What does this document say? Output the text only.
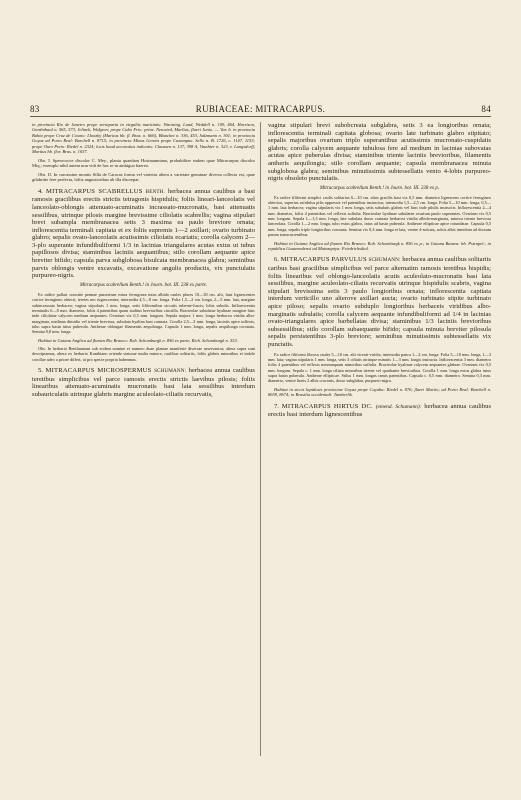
83	RUBIACEAE: MITRACARPUS.	84

in provincia Rio de Janeiro prope sertuparia in virgultis maritimis: Warming, Lund, Weddell n. 109, 464, Harrison, Gardinhaul n. 565, 573, Jelinek, Widgren; prope Cabo Frio: prine. Neuwied, Marlius, flaeri Junio. — Var. b. in provincia Bahia prope Cruz de Cosmo: Lhotzky (Martius hb. fl. Bras. n. 666), Blanchet n. 336, 453, Salzmann n. 301; in provincia Goyaz ad Porto Real: Burchell n. 8715; in provincia Minas Geraës prope Caxampus: Sello n. B. 1726, c. 1147, 1153; prope Ouro Preto: Riedel n. 2324; locis haud accuratius indicatis: Claussen n. 137, 398 A, Vauthier n. 323, v. Langsdorff, Martius hb. flor. Bras. n. 1037.

Obs. I. Sperocucce discolor C. Mey., planta quaedam Hostmanniana, probabiliter eadem quae Mitracarpus discolor Miq.; exemplo nihil autem non vidi de hac re in ambiguo haereo.

Obs. II. In carcassine montis Silla de Caracas forma vel varietas altera a varietate genuinae diversa collecta est, quae gilabritie fere perfecta, foliis angustioribus ab illa discrepat.

4. MITRACARPUS SCABRELLUS BENTH. herbacea annua caulibus a basi ramosis gracilibus erectis strictis tetragonis hispidulis; foliis lineari-lanceolatis vel lanceolato-oblongis attenuato-acuminatis incrassato-mucronatis, basi attenuatis sessilibus, utrinque pilosis margine brevissime ciliolatis scabrellis; vagina stipulari brevi subampla membranacea setis 3 maxima ea paulo breviore ornata; inflorescentia terminali capitata et ex foliis supremis 1—2 axillari; ovario turbinato glabro; sepalis ovato-lanceolatis acutissimis ciliolatis ecariatis; corolla calycem 2—3-plo superante infundibuliformi 1/3 in lacinias triangulares acutas extus ut tubus papillosos divisa; staminibus laciniis aequantibus; stilo corollam aequante apice breviter bifido; capsula parva subglobosa bisulcata membranacea glabra; seminibus parvis oblongis ventre excavatis, excavatione angulis productis, vix punctulatis purpureo-nigris.

Mitracarpus scabrellum Benth.! in Journ. bot. III. 238 ex parte.

Ex radice pallari crassitie pennae passerinae exina ferruginea intus albida caules plures 10—30 cm. alti, basi lignescentes cortice ferrugineo obtecti, teretes nec nigrescentes; internodia 4,5—8 cm. longa. Folia 1,5—2 cm. longa, 2—5 mm. lata, margine subincrassata herbacea; vagina stipularis 1 mm. longa, setis filiformibus siccatis rubente-fuscis; lobis subulis. Inflorescentia terminalis 6—8 mm. diametro, foliis 4 patentibus quam auditus brevioribus cinctilla. Bracteolae subulatae hyalinae margine hinc inde ciliolatae calycem medium aequantes. Ovarium vix 0,5 mm. longum. Sepala majora 1 mm. longa herbacea viridia albo-marginata, mediana dimidio vel triente breviora, subulata hyalina basi connata. Corolla 2,5—3 mm. longa, laciniis apice inflexis, tubo supra basin intus puberula. Antherae oblongae filamentis aequilonga. Capsula 1 mm. longa, sepalis aequilonga coronata. Semina 0,8 mm. longa.

Habitat in Guiana Anglica ad flumen Rio Branco: Rob. Schomburgk n. 856 ex parte, Rich. Schomburgk n. 553.

Obs. In herbario Benthamiani sub eodem nomine et numero duae plantae manifeste diversae asservantur; altera supra sunt descriptamus, altera ex herbario Kunthiano orienda staturae multa minore, caulibus solitariis, foliis glabris minoribus et indole corollae adeo a priore differt, ut pro specie propria habeamus.

5. MITRACARPUS MICROSPERMUS SCHUMANN: herbacea annua caulibus teretibus simplicibus vel parce ramosis erectis strictis laevibus pilosis; foliis linearibus attenuato-acuminatis mucronatis basi lata sessilibus interdum subauriculatis utrinque glabris margine aculeolato-ciliatis recurvatis,

vagina stipulari brevi subobcreata subglabra, setis 3 ea longioribus ornata; inflorescentia terminali capitata globosa; ovario late turbinato glabro stipitato; sepalis majoribus ovarium triplo superantibus acutissimis mucronato-cuspidatis glabris; corolla calycem aequante tubulosa fere ad medium in lacinias subovatas acutas apice puberulas divisa; staminibus triente laciniis brevioribus, filamentis antheris aequilongis; stilo corollam aequante; capsula membranacea minuta subglobosa glabra; seminibus minutissimis subtessellatis vento 4-lobis purpureo-nigris obsoleto punctulatis.

Mitracarpus scabrellum Benth.! in Journ. bot. III. 238 ex p.

Ex radice filiformi simplici caulis solitarius 6—10 cm. altus gracilis basi vix 0,5 mm. diametro lignescens cortice ferrugineo obtectus, superius rufidulus pilis appressis vel patentibus instructus; internodia 1,5—2,5 cm. longa. Folia 5—10 mm. longa, 0,5—1 mm. lata herbacea; vagina stipularis vix 1 mm. longa, setis subulatis glabris vel hinc inde pilulis instructis. Inflorescentia 2—4 mm. diametro, foliis 4 patentibus vel reflexis suffulta. Bracteolae hyalinae subulatae ovarium paulo superantes. Ovarium vix 0,5 mm. longum. Sepala 1—1,3 mm. longa, late subulata dorso carinata herbacea viridia albido-marginata, minora triente breviora lanceolata. Corolla 1—2 mm. longa, tubo extus glabro, intus ad basin puberula. Antherae ellipticae apice rotundatae. Capsula 0,5 mm. longa, sepalis triplo longioribus coronata. Semina vix 0,4 mm. longa et lata, ventre 4-sulcata, sulcis albis interdum ad dorsum parum transcurrentibus.

Habitat in Guiana Anglica ad flumen Rio Branco: Rob. Schomburgk n. 856 ex p.; in Guiana Batava: hb. Pstrnpel.; in republica Guatemalensi ad Mainzapiya: Friedrichsthal.

6. MITRACARPUS PARVULUS SCHUMANN: herbacea annua caulibus solitariis caribus basi gracilibus simplicibus vel parce alternatim ramosis teretibus hispidis; foliis linearibus vel oblongo-lanceolatis acutis aculeolato-mucronatis basi lata sessilibus, margine aculeolato-ciliatis recurvatis utrinque hispidulis scabris, vagina stipulari brevissima setis 3 paulo longioribus ornata; inflorescentia capitata interdum verticillo uno alterove axillari aucta; ovario turbinato stipite turbinato apice piloso; sepalis ovario subduplo longioribus herbaceis viridibus albo-marginatis subulatis; corolla calycem aequante infundibuliformi ad 1/4 in lacinias ovato-triangulares apice barbellatas divisa; staminibus 1/3 laciniis brevioribus subsessilibus; stilo corollam subaequante bifido; capsula minuta breviter pilosula sepalis persistentibus 3-plo breviore; seminibus minutissimis subtessellatis vix punctatis.

Ex radice filiformi fibrosa caules 5—10 cm. alti virenti-viridis; internodia panca 1—2 cm. longa. Folia 5—10 mm. longa, 1—3 mm. lata; vagina stipularis 1 mm. longa, setis 3 ciliatis utrinque minutis 1—3 mm. longis instructa. Inflorescentia 3 mm. diametro foliis 4 patentibus vel reflexis nonnunquam minoribus suffulta. Bracteolae hyalinae calycem aequantes glabrae. Ovarium vix 0,5 mm. longum. Sepala c. 1 mm. longa ciliata minoribus triente vel quadrante brevioribus. Corolla 1 mm. longa extus glabra intus supra basin puberula. Antherae ellipticae. Stilus 1 mm. longus ramis patentibus. Capsula c. 0,5 mm. diametro. Semina 0,3 mm. diametro, ventre lineis 2 albis cruciatis, dorso subglabra, purpureo-nigra.

Habitat in siccis lapidosis provinciae Goyaz prope Cuyaba: Riedel n. 876; flaeri Martio; ad Porto Real: Burchell n. 8659, 8674; in Brasilia occidentali: Tamberlik.

7. MITRACARPUS HIRTUS DC. (emend. Schumann): herbacea annua caulibus erectis basi interdum lignescentibus
